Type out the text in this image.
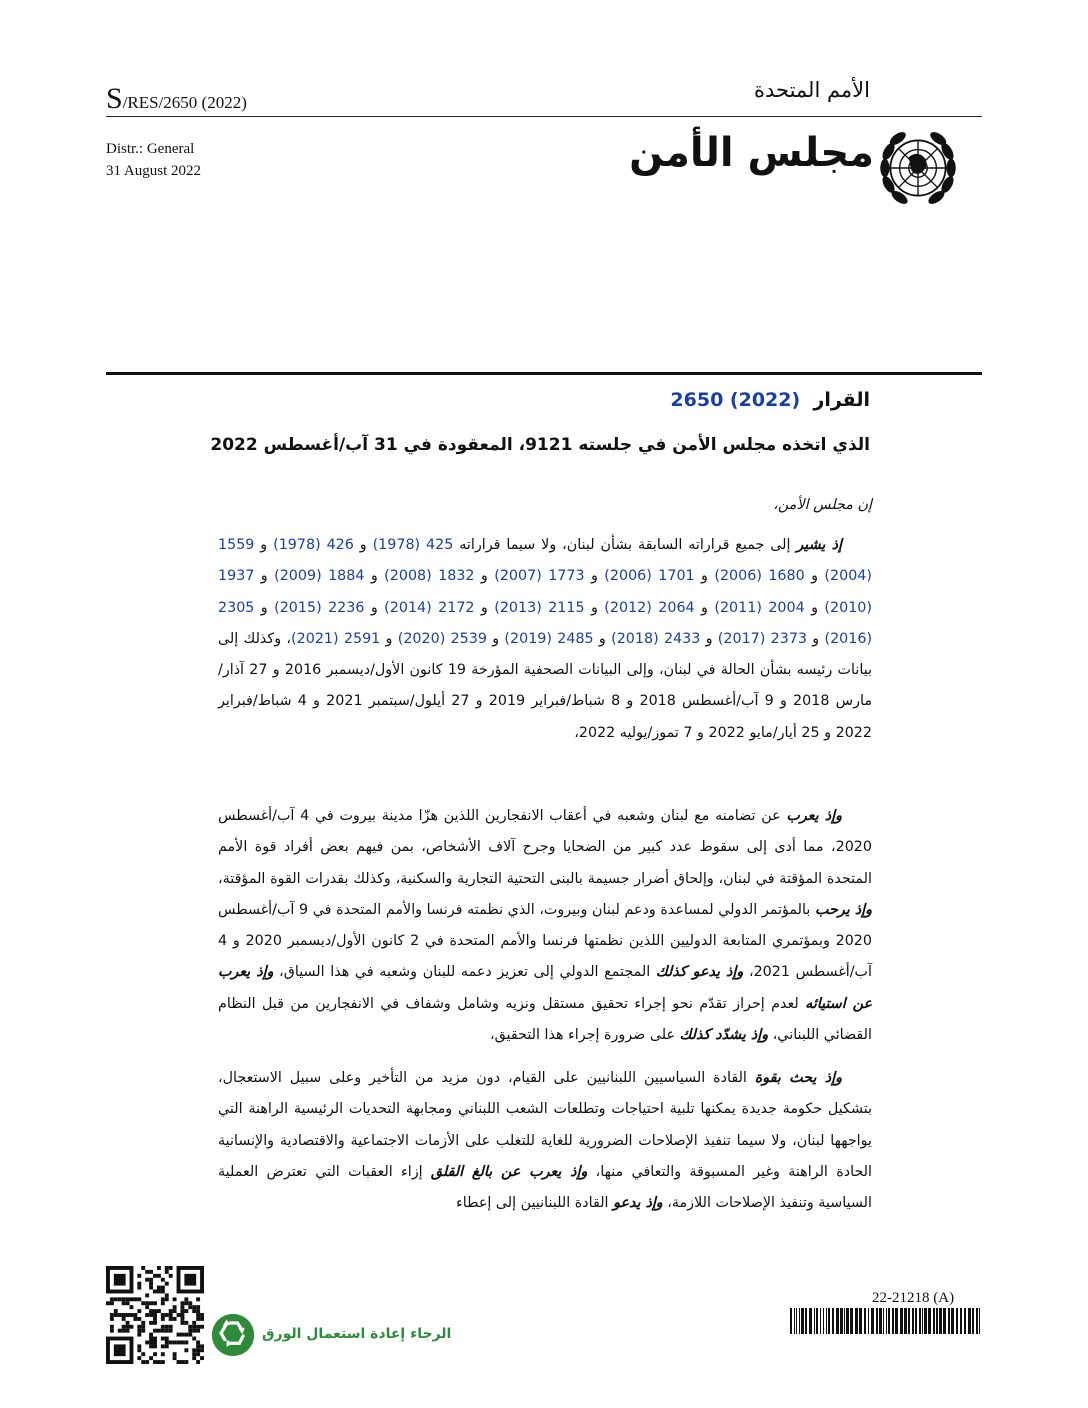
S/RES/2650 (2022)
الأمم المتحدة
Distr.: General
31 August 2022	مجلس الأمن
القرار  2650 (2022)
الذي اتخذه مجلس الأمن في جلسته 9121، المعقودة في 31 آب/أغسطس 2022
إن مجلس الأمن،

إذ يشير إلى جميع قراراته السابقة بشأن لبنان، ولا سيما قراراته 425 (1978) و 426 (1978) و 1559 (2004) و 1680 (2006) و 1701 (2006) و 1773 (2007) و 1832 (2008) و 1884 (2009) و 1937 (2010) و 2004 (2011) و 2064 (2012) و 2115 (2013) و 2172 (2014) و 2236 (2015) و 2305 (2016) و 2373 (2017) و 2433 (2018) و 2485 (2019) و 2539 (2020) و 2591 (2021)، وكذلك إلى بيانات رئيسه بشأن الحالة في لبنان، وإلى البيانات الصحفية المؤرخة 19 كانون الأول/ديسمبر 2016 و 27 آذار/مارس 2018 و 9 آب/أغسطس 2018 و 8 شباط/فبراير 2019 و 27 أيلول/سبتمبر 2021 و 4 شباط/فبراير 2022 و 25 أيار/مايو 2022 و 7 تموز/يوليه 2022،

وإذ يعرب عن تضامنه مع لبنان وشعبه في أعقاب الانفجارين اللذين هزّا مدينة بيروت في 4 آب/أغسطس 2020، مما أدى إلى سقوط عدد كبير من الضحايا وجرح آلاف الأشخاص، بمن فيهم بعض أفراد قوة الأمم المتحدة المؤقتة في لبنان، وإلحاق أضرار جسيمة بالبنى التحتية التجارية والسكنية، وكذلك بقدرات القوة المؤقتة، وإذ يرحب بالمؤتمر الدولي لمساعدة ودعم لبنان وبيروت، الذي نظمته فرنسا والأمم المتحدة في 9 آب/أغسطس 2020 وبمؤتمري المتابعة الدوليين اللذين نظمتها فرنسا والأمم المتحدة في 2 كانون الأول/ديسمبر 2020 و 4 آب/أغسطس 2021، وإذ يدعو كذلك المجتمع الدولي إلى تعزيز دعمه للبنان وشعبه في هذا السياق، وإذ يعرب عن استيائه لعدم إحراز تقدّم نحو إجراء تحقيق مستقل ونزيه وشامل وشفاف في الانفجارين من قبل النظام القضائي اللبناني، وإذ يشدّد كذلك على ضرورة إجراء هذا التحقيق،

وإذ يحث بقوة القادة السياسيين اللبنانيين على القيام، دون مزيد من التأخير وعلى سبيل الاستعجال، بتشكيل حكومة جديدة يمكنها تلبية احتياجات وتطلعات الشعب اللبناني ومجابهة التحديات الرئيسية الراهنة التي يواجهها لبنان، ولا سيما تنفيذ الإصلاحات الضرورية للغاية للتغلب على الأزمات الاجتماعية والاقتصادية والإنسانية الحادة الراهنة وغير المسبوقة والتعافي منها، وإذ يعرب عن بالغ القلق إزاء العقبات التي تعترض العملية السياسية وتنفيذ الإصلاحات اللازمة، وإذ يدعو القادة اللبنانيين إلى إعطاء

الرجاء إعادة استعمال الورق
22-21218 (A)
